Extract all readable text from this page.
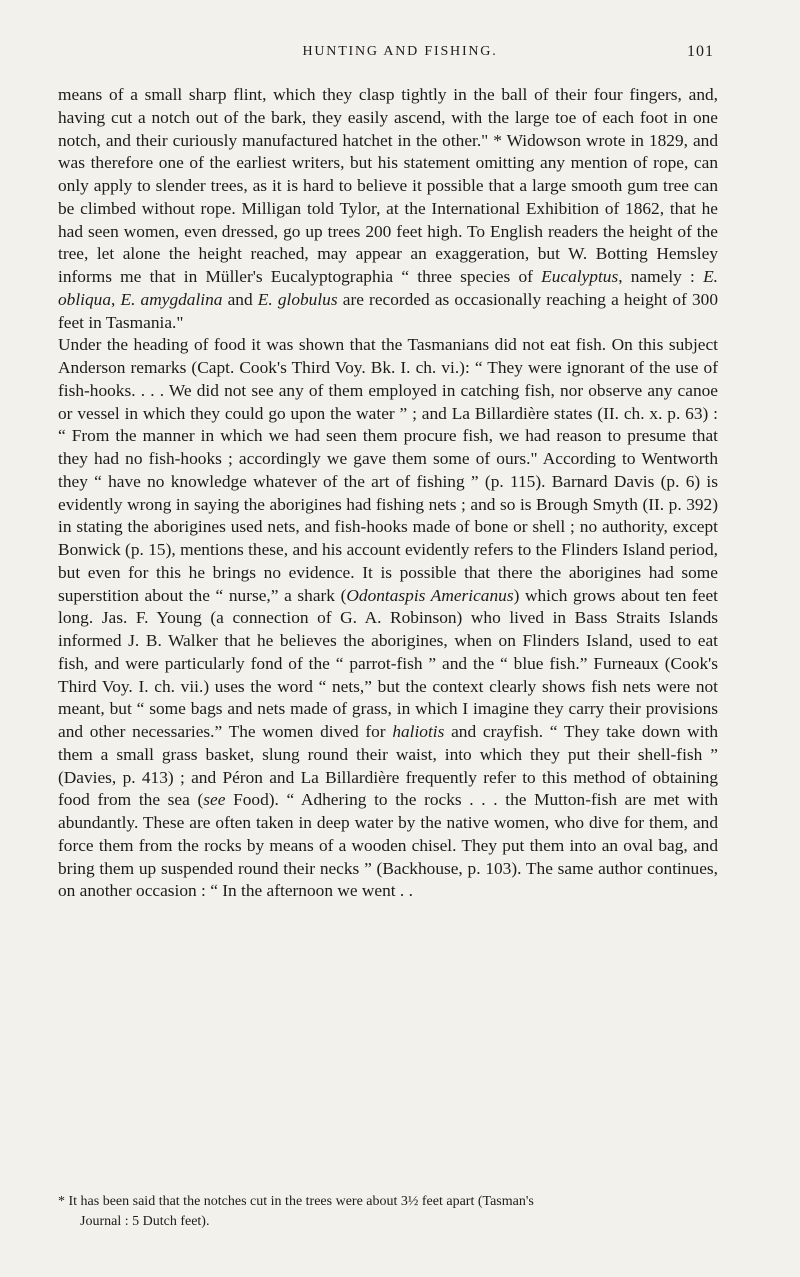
HUNTING AND FISHING.	101

means of a small sharp flint, which they clasp tightly in the ball of their four fingers, and, having cut a notch out of the bark, they easily ascend, with the large toe of each foot in one notch, and their curiously manufactured hatchet in the other." * Widowson wrote in 1829, and was therefore one of the earliest writers, but his statement omitting any mention of rope, can only apply to slender trees, as it is hard to believe it possible that a large smooth gum tree can be climbed without rope. Milligan told Tylor, at the International Exhibition of 1862, that he had seen women, even dressed, go up trees 200 feet high. To English readers the height of the tree, let alone the height reached, may appear an exaggeration, but W. Botting Hemsley informs me that in Müller's Eucalyptographia “ three species of Eucalyptus, namely : E. obliqua, E. amygdalina and E. globulus are recorded as occasionally reaching a height of 300 feet in Tasmania."

Under the heading of food it was shown that the Tasmanians did not eat fish. On this subject Anderson remarks (Capt. Cook's Third Voy. Bk. I. ch. vi.): “ They were ignorant of the use of fish-hooks. . . . We did not see any of them employed in catching fish, nor observe any canoe or vessel in which they could go upon the water ” ; and La Billardière states (II. ch. x. p. 63) : “ From the manner in which we had seen them procure fish, we had reason to presume that they had no fish-hooks ; accordingly we gave them some of ours." According to Wentworth they “ have no knowledge whatever of the art of fishing ” (p. 115). Barnard Davis (p. 6) is evidently wrong in saying the aborigines had fishing nets ; and so is Brough Smyth (II. p. 392) in stating the aborigines used nets, and fish-hooks made of bone or shell ; no authority, except Bonwick (p. 15), mentions these, and his account evidently refers to the Flinders Island period, but even for this he brings no evidence. It is possible that there the aborigines had some superstition about the “ nurse,” a shark (Odontaspis Americanus) which grows about ten feet long. Jas. F. Young (a connection of G. A. Robinson) who lived in Bass Straits Islands informed J. B. Walker that he believes the aborigines, when on Flinders Island, used to eat fish, and were particularly fond of the “ parrot-fish ” and the “ blue fish.” Furneaux (Cook's Third Voy. I. ch. vii.) uses the word “ nets,” but the context clearly shows fish nets were not meant, but “ some bags and nets made of grass, in which I imagine they carry their provisions and other necessaries.” The women dived for haliotis and crayfish. “ They take down with them a small grass basket, slung round their waist, into which they put their shell-fish ” (Davies, p. 413) ; and Péron and La Billardière frequently refer to this method of obtaining food from the sea (see Food). “ Adhering to the rocks . . . the Mutton-fish are met with abundantly. These are often taken in deep water by the native women, who dive for them, and force them from the rocks by means of a wooden chisel. They put them into an oval bag, and bring them up suspended round their necks ” (Backhouse, p. 103). The same author continues, on another occasion : “ In the afternoon we went . .

* It has been said that the notches cut in the trees were about 3½ feet apart (Tasman's
Journal : 5 Dutch feet).
